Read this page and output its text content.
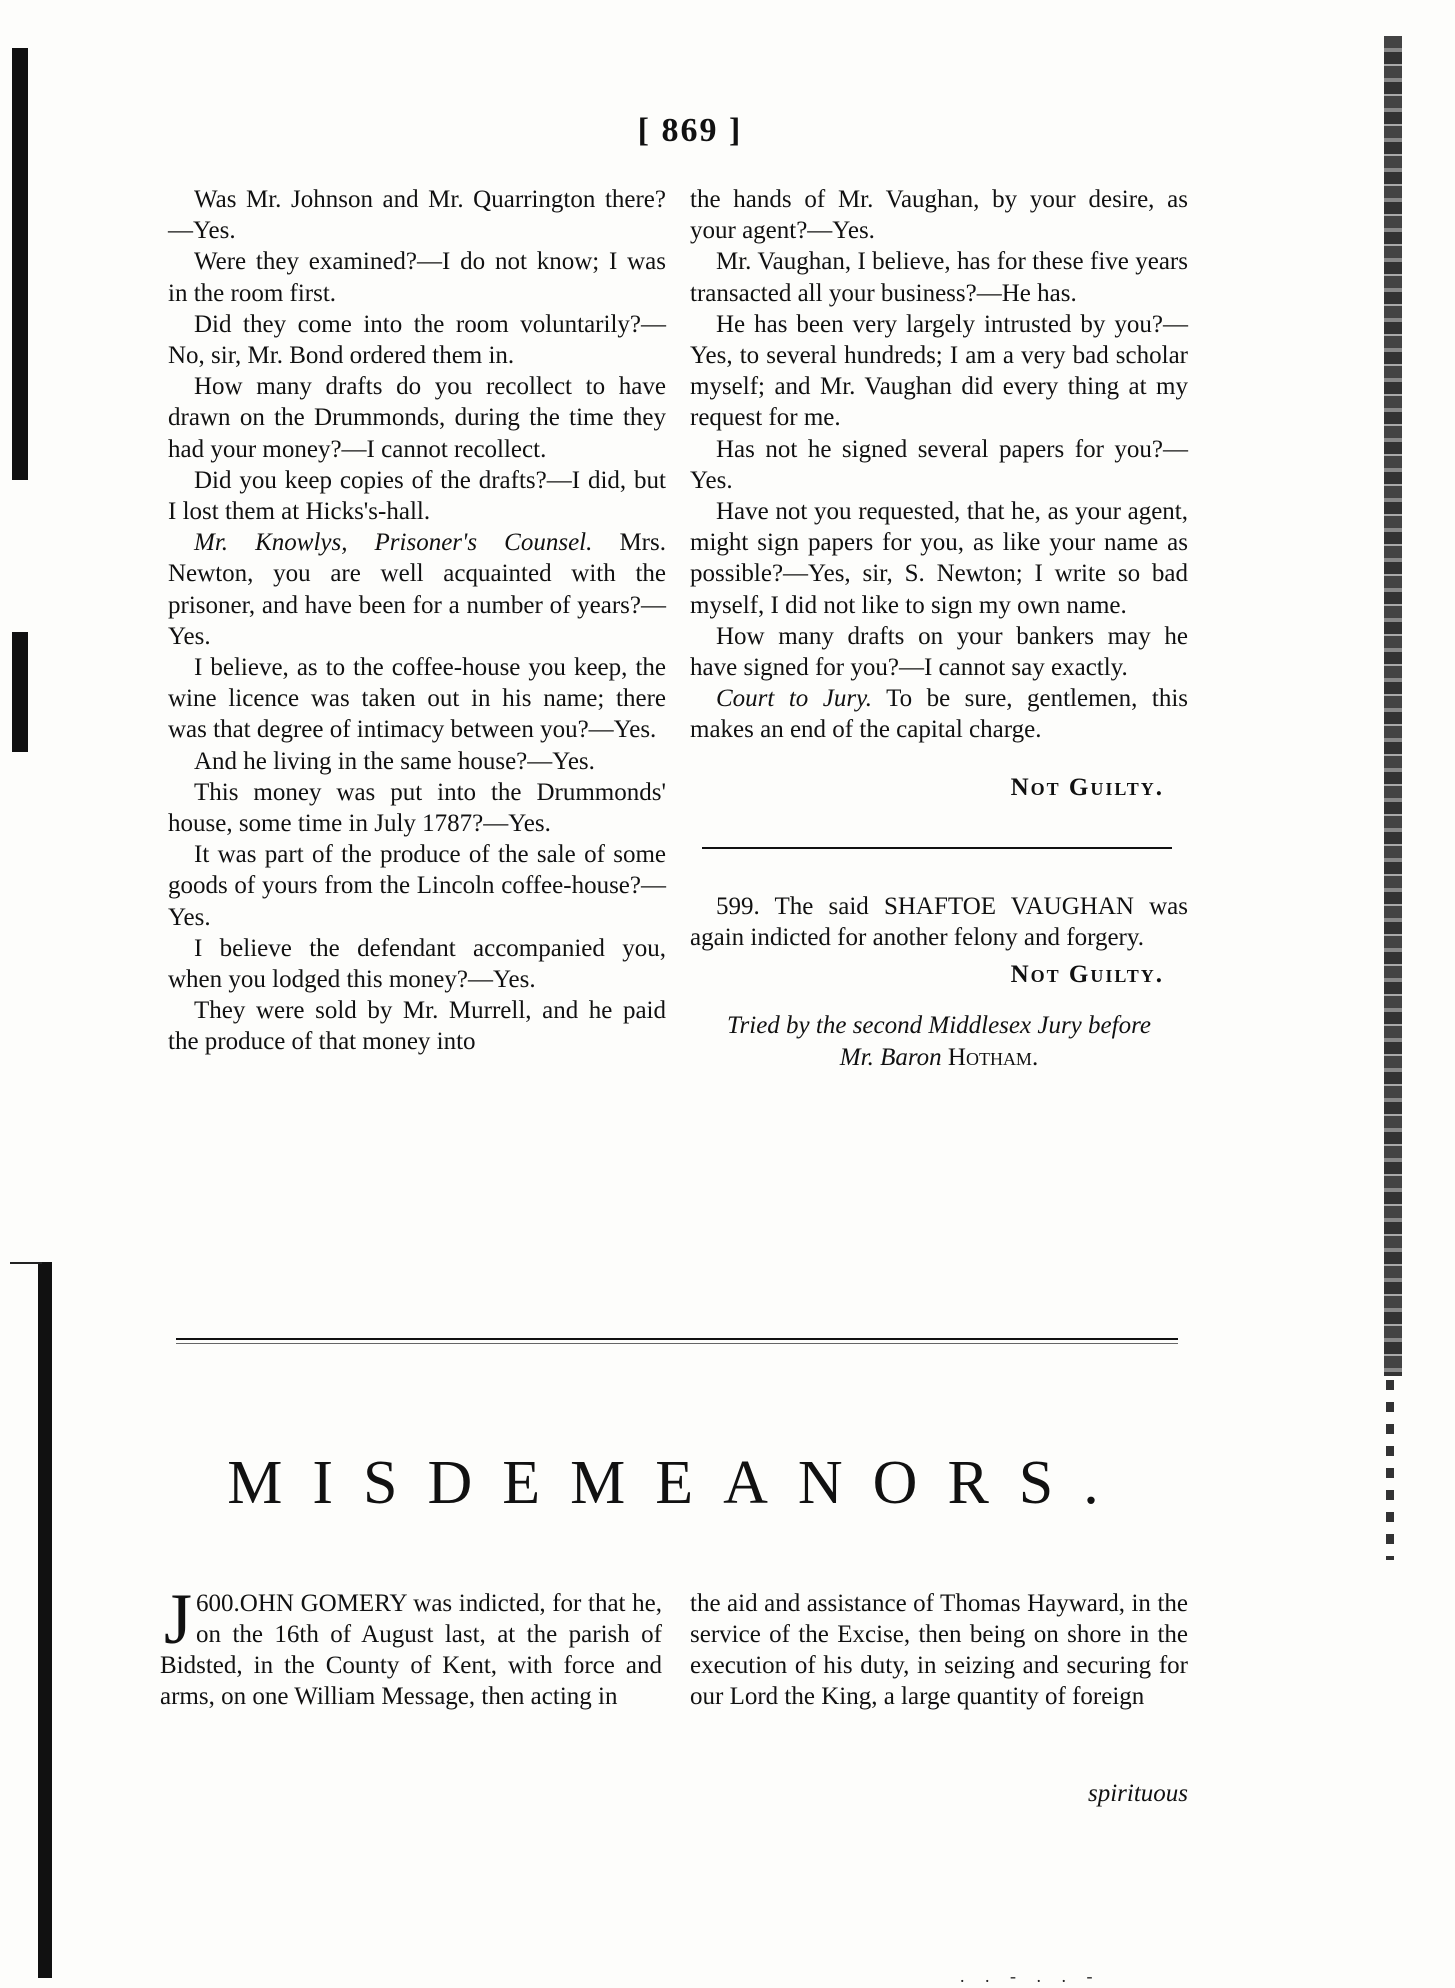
[ 869 ]

Was Mr. Johnson and Mr. Quarrington there?—Yes.

Were they examined?—I do not know; I was in the room first.

Did they come into the room voluntarily?—No, sir, Mr. Bond ordered them in.

How many drafts do you recollect to have drawn on the Drummonds, during the time they had your money?—I cannot recollect.

Did you keep copies of the drafts?—I did, but I lost them at Hicks's-hall.

Mr. Knowlys, Prisoner's Counsel. Mrs. Newton, you are well acquainted with the prisoner, and have been for a number of years?—Yes.

I believe, as to the coffee-house you keep, the wine licence was taken out in his name; there was that degree of intimacy between you?—Yes.

And he living in the same house?—Yes.

This money was put into the Drummonds' house, some time in July 1787?—Yes.

It was part of the produce of the sale of some goods of yours from the Lincoln coffee-house?—Yes.

I believe the defendant accompanied you, when you lodged this money?—Yes.

They were sold by Mr. Murrell, and he paid the produce of that money into

the hands of Mr. Vaughan, by your desire, as your agent?—Yes.

Mr. Vaughan, I believe, has for these five years transacted all your business?—He has.

He has been very largely intrusted by you?—Yes, to several hundreds; I am a very bad scholar myself; and Mr. Vaughan did every thing at my request for me.

Has not he signed several papers for you?—Yes.

Have not you requested, that he, as your agent, might sign papers for you, as like your name as possible?—Yes, sir, S. Newton; I write so bad myself, I did not like to sign my own name.

How many drafts on your bankers may he have signed for you?—I cannot say exactly.

Court to Jury. To be sure, gentlemen, this makes an end of the capital charge.

Not Guilty.

599. The said SHAFTOE VAUGHAN was again indicted for another felony and forgery.

Not Guilty.

Tried by the second Middlesex Jury before
Mr. Baron Hotham.

MISDEMEANORS.

600.
J OHN GOMERY was indicted, for that he, on the 16th of August last, at the parish of Bidsted, in the County of Kent, with force and arms, on one William Message, then acting in

the aid and assistance of Thomas Hayward, in the service of the Excise, then being on shore in the execution of his duty, in seizing and securing for our Lord the King, a large quantity of foreign

spirituous
. . - . . -
